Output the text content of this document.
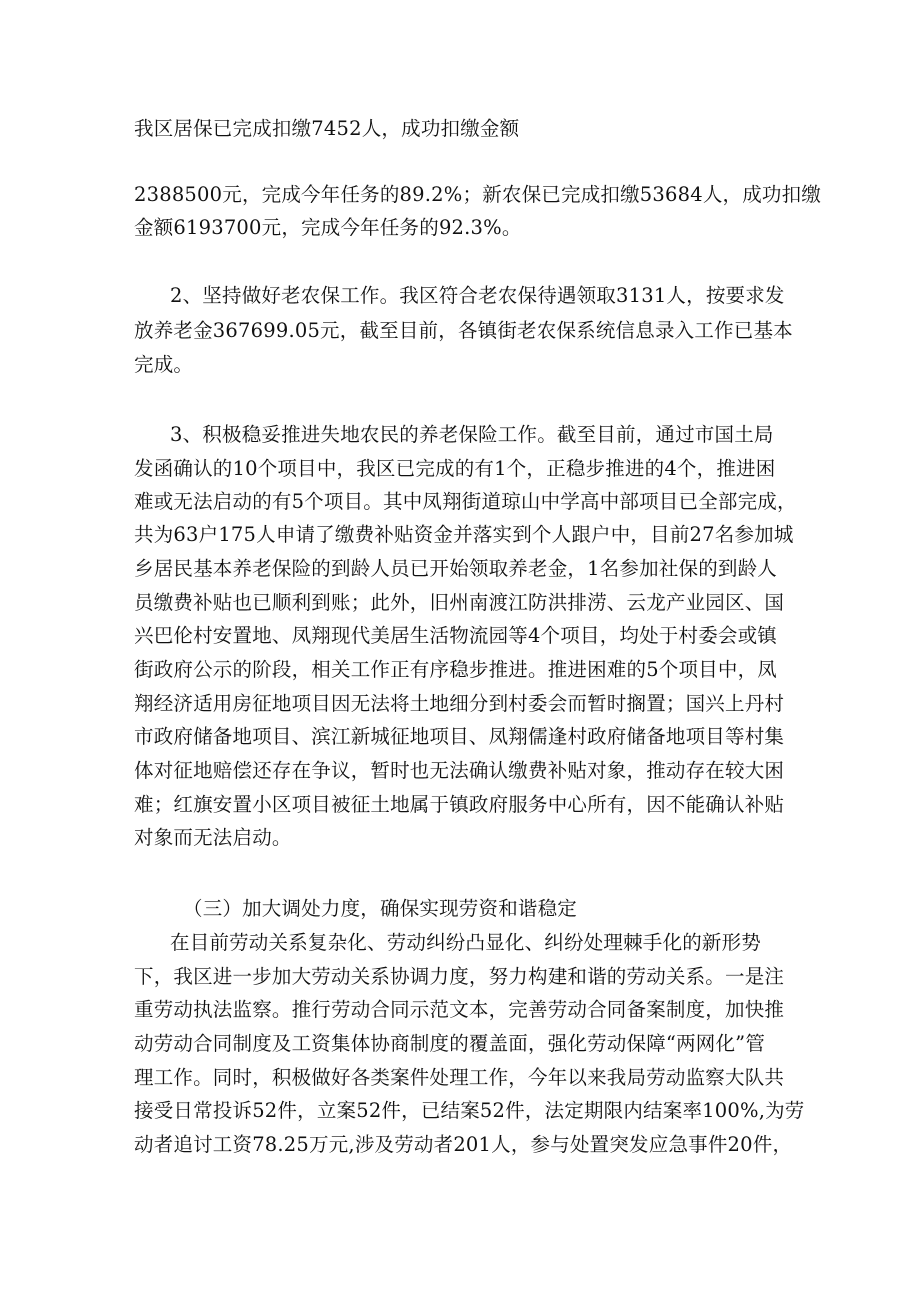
我区居保已完成扣缴7452人，成功扣缴金额
2388500元，完成今年任务的89.2%；新农保已完成扣缴53684人，成功扣缴
金额6193700元，完成今年任务的92.3%。
2、坚持做好老农保工作。我区符合老农保待遇领取3131人，按要求发
放养老金367699.05元，截至目前，各镇街老农保系统信息录入工作已基本
完成。
3、积极稳妥推进失地农民的养老保险工作。截至目前，通过市国土局
发函确认的10个项目中，我区已完成的有1个，正稳步推进的4个，推进困
难或无法启动的有5个项目。其中凤翔街道琼山中学高中部项目已全部完成，
共为63户175人申请了缴费补贴资金并落实到个人跟户中，目前27名参加城
乡居民基本养老保险的到龄人员已开始领取养老金，1名参加社保的到龄人
员缴费补贴也已顺利到账；此外，旧州南渡江防洪排涝、云龙产业园区、国
兴巴伦村安置地、凤翔现代美居生活物流园等4个项目，均处于村委会或镇
街政府公示的阶段，相关工作正有序稳步推进。推进困难的5个项目中，凤
翔经济适用房征地项目因无法将土地细分到村委会而暂时搁置；国兴上丹村
市政府储备地项目、滨江新城征地项目、凤翔儒逢村政府储备地项目等村集
体对征地赔偿还存在争议，暂时也无法确认缴费补贴对象，推动存在较大困
难；红旗安置小区项目被征土地属于镇政府服务中心所有，因不能确认补贴
对象而无法启动。
（三）加大调处力度，确保实现劳资和谐稳定
在目前劳动关系复杂化、劳动纠纷凸显化、纠纷处理棘手化的新形势
下，我区进一步加大劳动关系协调力度，努力构建和谐的劳动关系。一是注
重劳动执法监察。推行劳动合同示范文本，完善劳动合同备案制度，加快推
动劳动合同制度及工资集体协商制度的覆盖面，强化劳动保障“两网化”管
理工作。同时，积极做好各类案件处理工作，今年以来我局劳动监察大队共
接受日常投诉52件，立案52件，已结案52件，法定期限内结案率100%,为劳
动者追讨工资78.25万元,涉及劳动者201人，参与处置突发应急事件20件，
